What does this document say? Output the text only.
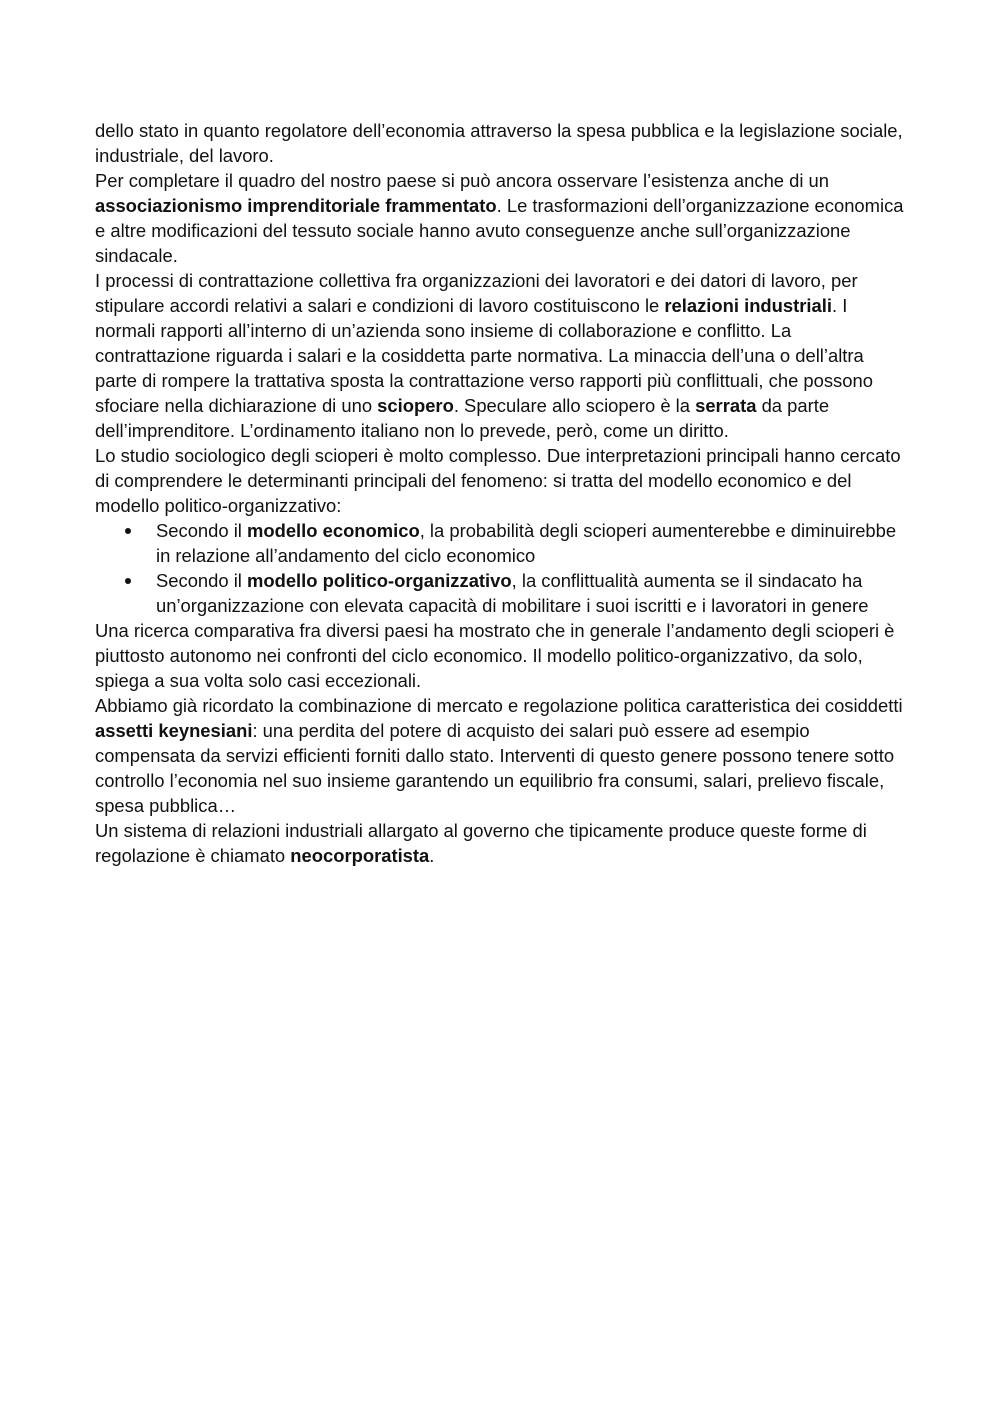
dello stato in quanto regolatore dell’economia attraverso la spesa pubblica e la legislazione sociale, industriale, del lavoro.

Per completare il quadro del nostro paese si può ancora osservare l’esistenza anche di un associazionismo imprenditoriale frammentato. Le trasformazioni dell’organizzazione economica e altre modificazioni del tessuto sociale hanno avuto conseguenze anche sull’organizzazione sindacale.

I processi di contrattazione collettiva fra organizzazioni dei lavoratori e dei datori di lavoro, per stipulare accordi relativi a salari e condizioni di lavoro costituiscono le relazioni industriali. I normali rapporti all’interno di un’azienda sono insieme di collaborazione e conflitto. La contrattazione riguarda i salari e la cosiddetta parte normativa. La minaccia dell’una o dell’altra parte di rompere la trattativa sposta la contrattazione verso rapporti più conflittuali, che possono sfociare nella dichiarazione di uno sciopero. Speculare allo sciopero è la serrata da parte dell’imprenditore. L’ordinamento italiano non lo prevede, però, come un diritto.

Lo studio sociologico degli scioperi è molto complesso. Due interpretazioni principali hanno cercato di comprendere le determinanti principali del fenomeno: si tratta del modello economico e del modello politico-organizzativo:

Secondo il modello economico, la probabilità degli scioperi aumenterebbe e diminuirebbe in relazione all’andamento del ciclo economico
Secondo il modello politico-organizzativo, la conflittualità aumenta se il sindacato ha un’organizzazione con elevata capacità di mobilitare i suoi iscritti e i lavoratori in genere

Una ricerca comparativa fra diversi paesi ha mostrato che in generale l’andamento degli scioperi è piuttosto autonomo nei confronti del ciclo economico. Il modello politico-organizzativo, da solo, spiega a sua volta solo casi eccezionali.

Abbiamo già ricordato la combinazione di mercato e regolazione politica caratteristica dei cosiddetti assetti keynesiani: una perdita del potere di acquisto dei salari può essere ad esempio compensata da servizi efficienti forniti dallo stato. Interventi di questo genere possono tenere sotto controllo l’economia nel suo insieme garantendo un equilibrio fra consumi, salari, prelievo fiscale, spesa pubblica…

Un sistema di relazioni industriali allargato al governo che tipicamente produce queste forme di regolazione è chiamato neocorporatista.
